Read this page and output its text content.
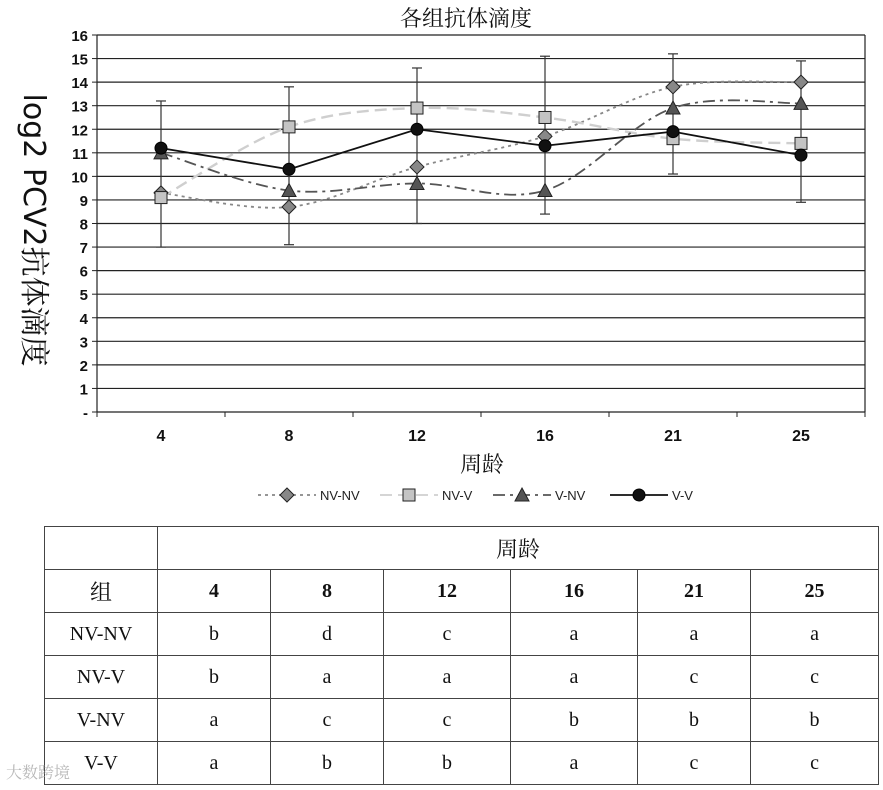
各组抗体滴度
log2 PCV2抗体滴度
周龄
-
1
2
3
4
5
6
7
8
9
10
11
12
13
14
15
16
4	8	12	16	21	25
NV-NV	NV-V	V-NV	V-V
	周龄					
组	4	8	12	16	21	25
NV-NV	b	d	c	a	a	a
NV-V	b	a	a	a	c	c
V-NV	a	c	c	b	b	b
V-V	a	b	b	a	c	c
大数跨境
